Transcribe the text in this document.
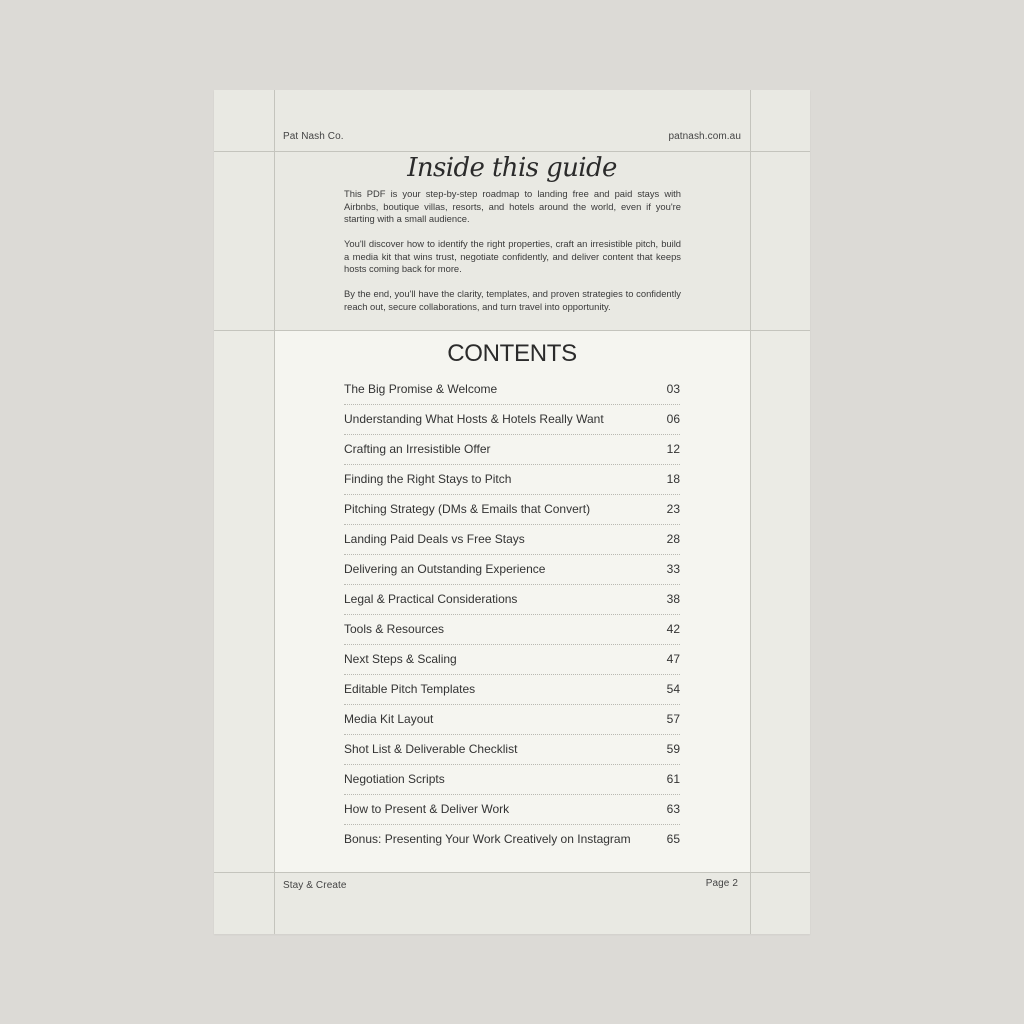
Pat Nash Co.	patnash.com.au
Inside this guide

This PDF is your step-by-step roadmap to landing free and paid stays with Airbnbs, boutique villas, resorts, and hotels around the world, even if you're starting with a small audience.

You'll discover how to identify the right properties, craft an irresistible pitch, build a media kit that wins trust, negotiate confidently, and deliver content that keeps hosts coming back for more.

By the end, you'll have the clarity, templates, and proven strategies to confidently reach out, secure collaborations, and turn travel into opportunity.

CONTENTS
The Big Promise & Welcome	03
Understanding What Hosts & Hotels Really Want	06
Crafting an Irresistible Offer	12
Finding the Right Stays to Pitch	18
Pitching Strategy (DMs & Emails that Convert)	23
Landing Paid Deals vs Free Stays	28
Delivering an Outstanding Experience	33
Legal & Practical Considerations	38
Tools & Resources	42
Next Steps & Scaling	47
Editable Pitch Templates	54
Media Kit Layout	57
Shot List & Deliverable Checklist	59
Negotiation Scripts	61
How to Present & Deliver Work	63
Bonus: Presenting Your Work Creatively on Instagram	65
Stay & Create	Page 2
